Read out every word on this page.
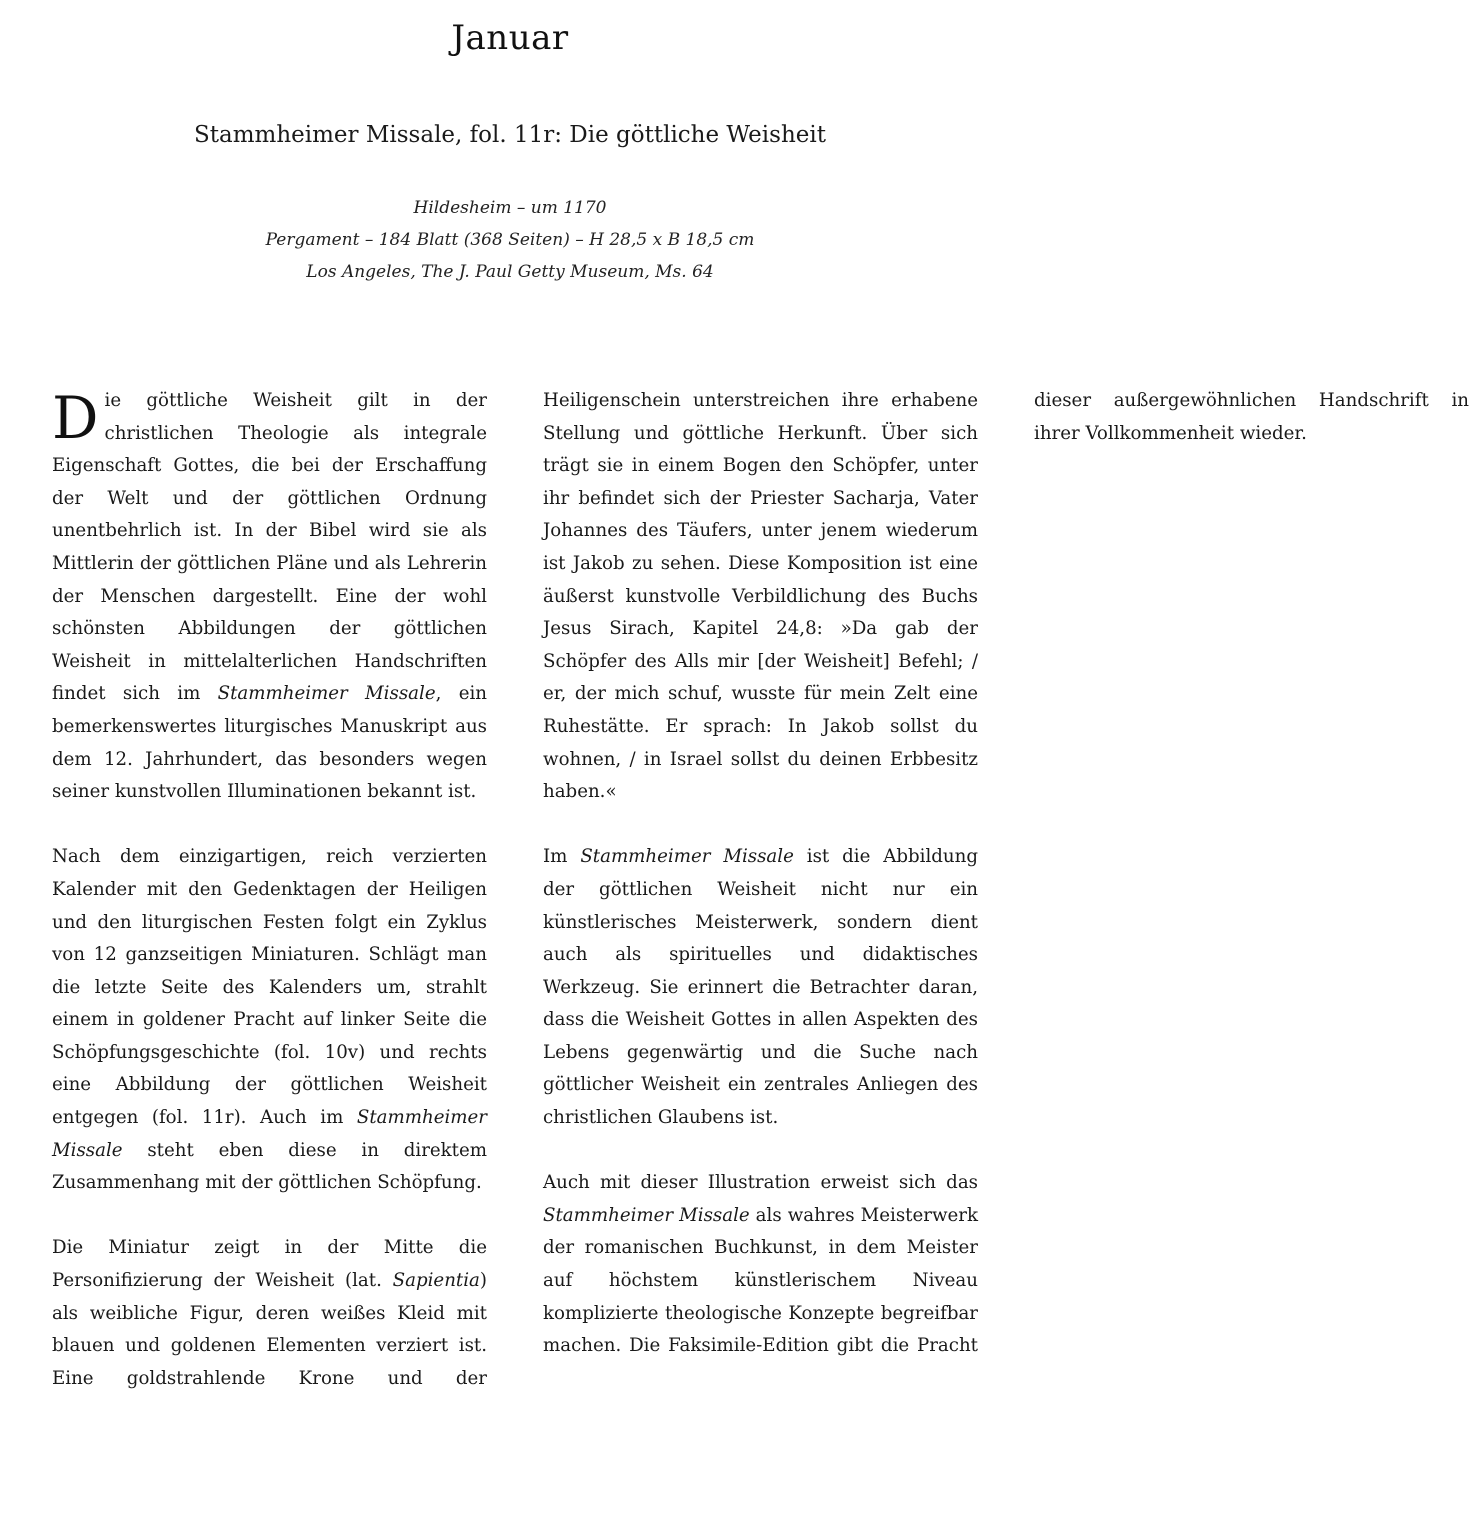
Januar
Stammheimer Missale, fol. 11r: Die göttliche Weisheit
Hildesheim – um 1170
Pergament – 184 Blatt (368 Seiten) – H 28,5 x B 18,5 cm
Los Angeles, The J. Paul Getty Museum, Ms. 64

Die göttliche Weisheit gilt in der christlichen Theologie als integrale Eigenschaft Gottes, die bei der Erschaffung der Welt und der göttlichen Ordnung unentbehrlich ist. In der Bibel wird sie als Mittlerin der göttlichen Pläne und als Lehrerin der Menschen dargestellt. Eine der wohl schönsten Abbildungen der göttlichen Weisheit in mittelalterlichen Handschriften findet sich im Stammheimer Missale, ein bemerkenswertes liturgisches Manuskript aus dem 12. Jahrhundert, das besonders wegen seiner kunstvollen Illuminationen bekannt ist.

Nach dem einzigartigen, reich verzierten Kalender mit den Gedenktagen der Heiligen und den liturgischen Festen folgt ein Zyklus von 12 ganzseitigen Miniaturen. Schlägt man die letzte Seite des Kalenders um, strahlt einem in goldener Pracht auf linker Seite die Schöpfungsgeschichte (fol. 10v) und rechts eine Abbildung der göttlichen Weisheit entgegen (fol. 11r). Auch im Stammheimer Missale steht eben diese in direktem Zusammenhang mit der göttlichen Schöpfung.

Die Miniatur zeigt in der Mitte die Personifizierung der Weisheit (lat. Sapientia) als weibliche Figur, deren weißes Kleid mit blauen und goldenen Elementen verziert ist. Eine goldstrahlende Krone und der Heiligenschein unterstreichen ihre erhabene Stellung und göttliche Herkunft. Über sich trägt sie in einem Bogen den Schöpfer, unter ihr befindet sich der Priester Sacharja, Vater Johannes des Täufers, unter jenem wiederum ist Jakob zu sehen. Diese Komposition ist eine äußerst kunstvolle Verbildlichung des Buchs Jesus Sirach, Kapitel 24,8: »Da gab der Schöpfer des Alls mir [der Weisheit] Befehl; / er, der mich schuf, wusste für mein Zelt eine Ruhestätte. Er sprach: In Jakob sollst du wohnen, / in Israel sollst du deinen Erbbesitz haben.«

Im Stammheimer Missale ist die Abbildung der göttlichen Weisheit nicht nur ein künstlerisches Meisterwerk, sondern dient auch als spirituelles und didaktisches Werkzeug. Sie erinnert die Betrachter daran, dass die Weisheit Gottes in allen Aspekten des Lebens gegenwärtig und die Suche nach göttlicher Weisheit ein zentrales Anliegen des christlichen Glaubens ist.

Auch mit dieser Illustration erweist sich das Stammheimer Missale als wahres Meisterwerk der romanischen Buchkunst, in dem Meister auf höchstem künstlerischem Niveau komplizierte theologische Konzepte begreifbar machen. Die Faksimile-Edition gibt die Pracht dieser außergewöhnlichen Handschrift in ihrer Vollkommenheit wieder.
